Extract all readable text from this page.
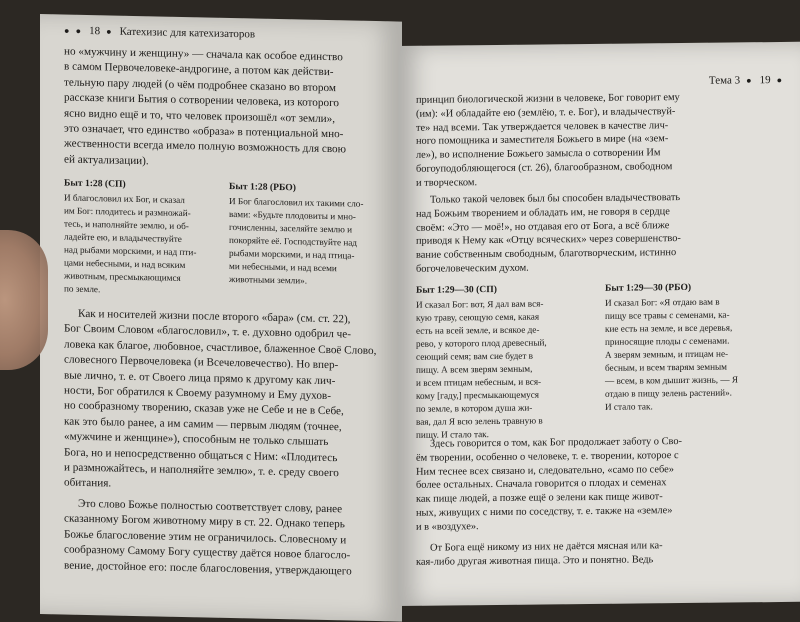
● ● 18 ● Катехизис для катехизаторов

но «мужчину и женщину» — сначала как особое единство

в самом Первочеловеке-андрогине, а потом как действи-

тельную пару людей (о чём подробнее сказано во втором

рассказе книги Бытия о сотворении человека, из которого

ясно видно ещё и то, что человек произошёл «от земли»,

это означает, что единство «образа» в потенциальной мно-

жественности всегда имело полную возможность для свою

ей актуализации).

Быт 1:28 (СП)

И благословил их Бог, и сказал

им Бог: плодитесь и размножай-

тесь, и наполняйте землю, и об-

ладейте ею, и владычествуйте

над рыбами морскими, и над пти-

цами небесными, и над всяким

животным, пресмыкающимся

по земле.

Быт 1:28 (РБО)

И Бог благословил их такими сло-

вами: «Будьте плодовиты и мно-

гочисленны, заселяйте землю и

покоряйте её. Господствуйте над

рыбами морскими, и над птица-

ми небесными, и над всеми

животными земли».

Как и носителей жизни после второго «бара» (см. ст. 22),

Бог Своим Словом «благословил», т. е. духовно одобрил че-

ловека как благое, любовное, счастливое, блаженное Своё Слово,

словесного Первочеловека (и Всечеловечество). Но впер-

вые лично, т. е. от Своего лица прямо к другому как лич-

ности, Бог обратился к Своему разумному и Ему духов-

но сообразному творению, сказав уже не Себе и не в Себе,

как это было ранее, а им самим — первым людям (точнее,

«мужчине и женщине»), способным не только слышать

Бога, но и непосредственно общаться с Ним: «Плодитесь

и размножайтесь, и наполняйте землю», т. е. среду своего

обитания.

Это слово Божье полностью соответствует слову, ранее

сказанному Богом животному миру в ст. 22. Однако теперь

Божье благословение этим не ограничилось. Словесному и

сообразному Самому Богу существу даётся новое благосло-

вение, достойное его: после благословения, утверждающего

Тема 3 ● 19 ●

принцип биологической жизни в человеке, Бог говорит ему

(им): «И обладайте ею (землёю, т. е. Бог), и владычествуй-

те» над всеми. Так утверждается человек в качестве лич-

ного помощника и заместителя Божьего в мире (на «зем-

ле»), во исполнение Божьего замысла о сотворении Им

богоуподобляющегося (ст. 26), благообразном, свободном

и творческом.

Только такой человек был бы способен владычествовать

над Божьим творением и обладать им, не говоря в сердце

своём: «Это — моё!», но отдавая его от Бога, а всё ближе

приводя к Нему как «Отцу всяческих» через совершенство-

вание собственным свободным, благотворческим, истинно

богочеловеческим духом.

Быт 1:29—30 (СП)

И сказал Бог: вот, Я дал вам вся-

кую траву, сеющую семя, какая

есть на всей земле, и всякое де-

рево, у которого плод древесный,

сеющий семя; вам сие будет в

пищу. А всем зверям земным,

и всем птицам небесным, и вся-

кому [гаду,] пресмыкающемуся

по земле, в котором душа жи-

вая, дал Я всю зелень травную в

пищу. И стало так.

Быт 1:29—30 (РБО)

И сказал Бог: «Я отдаю вам в

пищу все травы с семенами, ка-

кие есть на земле, и все деревья,

приносящие плоды с семенами.

А зверям земным, и птицам не-

бесным, и всем тварям земным

— всем, в ком дышит жизнь, — Я

отдаю в пищу зелень растений».

И стало так.

Здесь говорится о том, как Бог продолжает заботу о Сво-

ём творении, особенно о человеке, т. е. творении, которое с

Ним теснее всех связано и, следовательно, «само по себе»

более остальных. Сначала говорится о плодах и семенах

как пище людей, а позже ещё о зелени как пище живот-

ных, живущих с ними по соседству, т. е. также на «земле»

и в «воздухе».

От Бога ещё никому из них не даётся мясная или ка-

кая-либо другая животная пища. Это и понятно. Ведь
